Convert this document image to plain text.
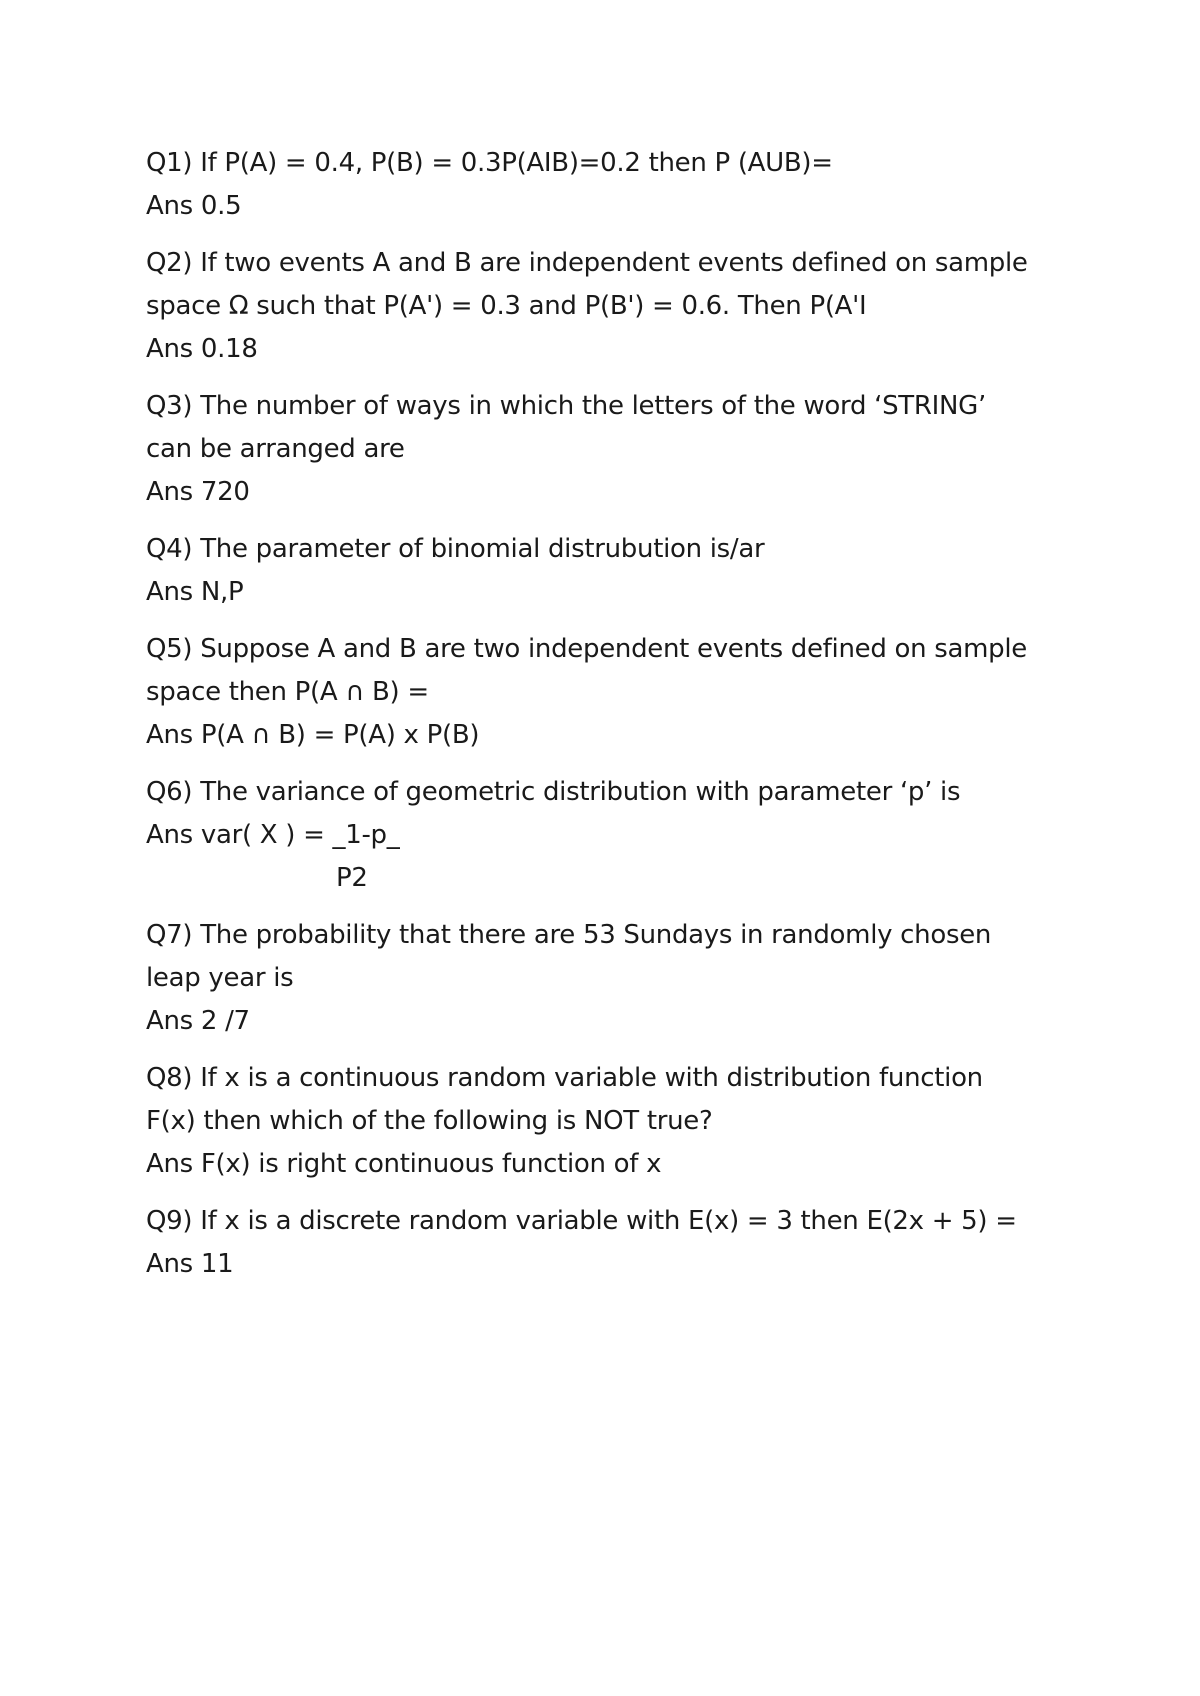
Q1) If P(A) = 0.4, P(B) = 0.3P(AIB)=0.2 then P (AUB)=
Ans 0.5
Q2) If two events A and B are independent events defined on sample
space Ω such that P(A') = 0.3 and P(B') = 0.6. Then P(A'I
Ans 0.18
Q3) The number of ways in which the letters of the word ‘STRING’
can be arranged are
Ans 720
Q4) The parameter of binomial distrubution is/ar
Ans N,P
Q5) Suppose A and B are two independent events defined on sample
space then P(A ∩ B) =
Ans P(A ∩ B) = P(A) x P(B)
Q6) The variance of geometric distribution with parameter ‘p’ is
Ans var( X ) = _1-p_
P2
Q7) The probability that there are 53 Sundays in randomly chosen
leap year is
Ans 2 /7
Q8) If x is a continuous random variable with distribution function
F(x) then which of the following is NOT true?
Ans F(x) is right continuous function of x
Q9) If x is a discrete random variable with E(x) = 3 then E(2x + 5) =
Ans 11
